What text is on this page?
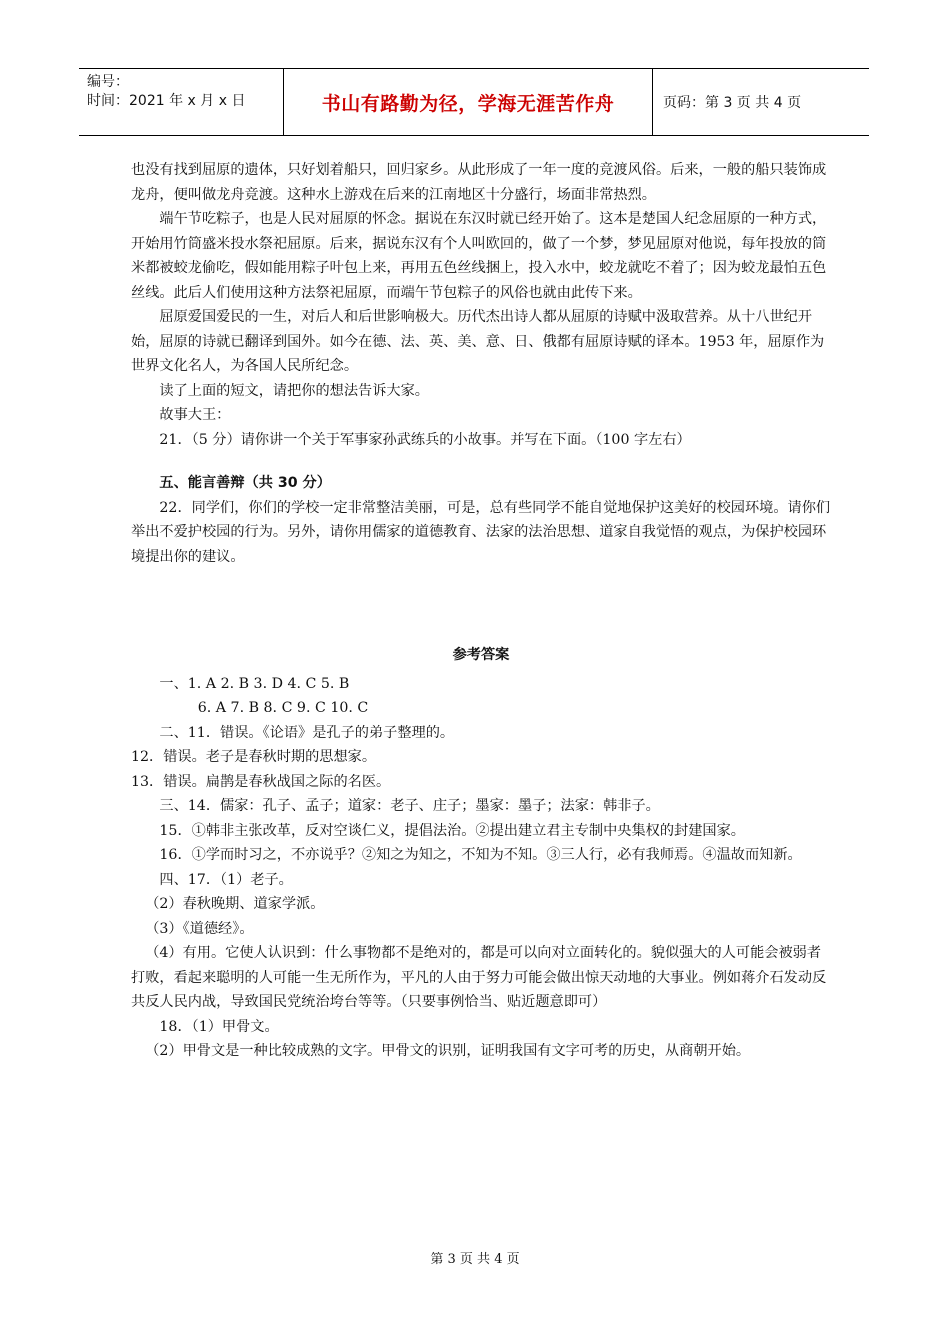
编号：
时间：2021 年 x 月 x 日	书山有路勤为径，学海无涯苦作舟	页码：第 3 页 共 4 页

也没有找到屈原的遗体，只好划着船只，回归家乡。从此形成了一年一度的竞渡风俗。后来，一般的船只装饰成龙舟，便叫做龙舟竞渡。这种水上游戏在后来的江南地区十分盛行，场面非常热烈。

端午节吃粽子，也是人民对屈原的怀念。据说在东汉时就已经开始了。这本是楚国人纪念屈原的一种方式，开始用竹筒盛米投水祭祀屈原。后来，据说东汉有个人叫欧回的，做了一个梦，梦见屈原对他说，每年投放的筒米都被蛟龙偷吃，假如能用粽子叶包上来，再用五色丝线捆上，投入水中，蛟龙就吃不着了；因为蛟龙最怕五色丝线。此后人们使用这种方法祭祀屈原，而端午节包粽子的风俗也就由此传下来。

屈原爱国爱民的一生，对后人和后世影响极大。历代杰出诗人都从屈原的诗赋中汲取营养。从十八世纪开始，屈原的诗就已翻译到国外。如今在德、法、英、美、意、日、俄都有屈原诗赋的译本。1953 年，屈原作为世界文化名人，为各国人民所纪念。

读了上面的短文，请把你的想法告诉大家。

故事大王：

21．（5 分）请你讲一个关于军事家孙武练兵的小故事。并写在下面。（100 字左右）

五、能言善辩（共 30 分）

22．同学们，你们的学校一定非常整洁美丽，可是，总有些同学不能自觉地保护这美好的校园环境。请你们举出不爱护校园的行为。另外，请你用儒家的道德教育、法家的法治思想、道家自我觉悟的观点，为保护校园环境提出你的建议。

参考答案

一、1. A 2. B 3. D 4. C 5. B

6. A 7. B 8. C 9. C 10. C

二、11．错误。《论语》是孔子的弟子整理的。

12．错误。老子是春秋时期的思想家。

13．错误。扁鹊是春秋战国之际的名医。

三、14．儒家：孔子、孟子；道家：老子、庄子；墨家：墨子；法家：韩非子。

15．①韩非主张改革，反对空谈仁义，提倡法治。②提出建立君主专制中央集权的封建国家。

16．①学而时习之，不亦说乎？②知之为知之，不知为不知。③三人行，必有我师焉。④温故而知新。

四、17．（1）老子。

（2）春秋晚期、道家学派。

（3）《道德经》。

（4）有用。它使人认识到：什么事物都不是绝对的，都是可以向对立面转化的。貌似强大的人可能会被弱者打败，看起来聪明的人可能一生无所作为，平凡的人由于努力可能会做出惊天动地的大事业。例如蒋介石发动反共反人民内战，导致国民党统治垮台等等。（只要事例恰当、贴近题意即可）

18．（1）甲骨文。

（2）甲骨文是一种比较成熟的文字。甲骨文的识别，证明我国有文字可考的历史，从商朝开始。

第 3 页 共 4 页
